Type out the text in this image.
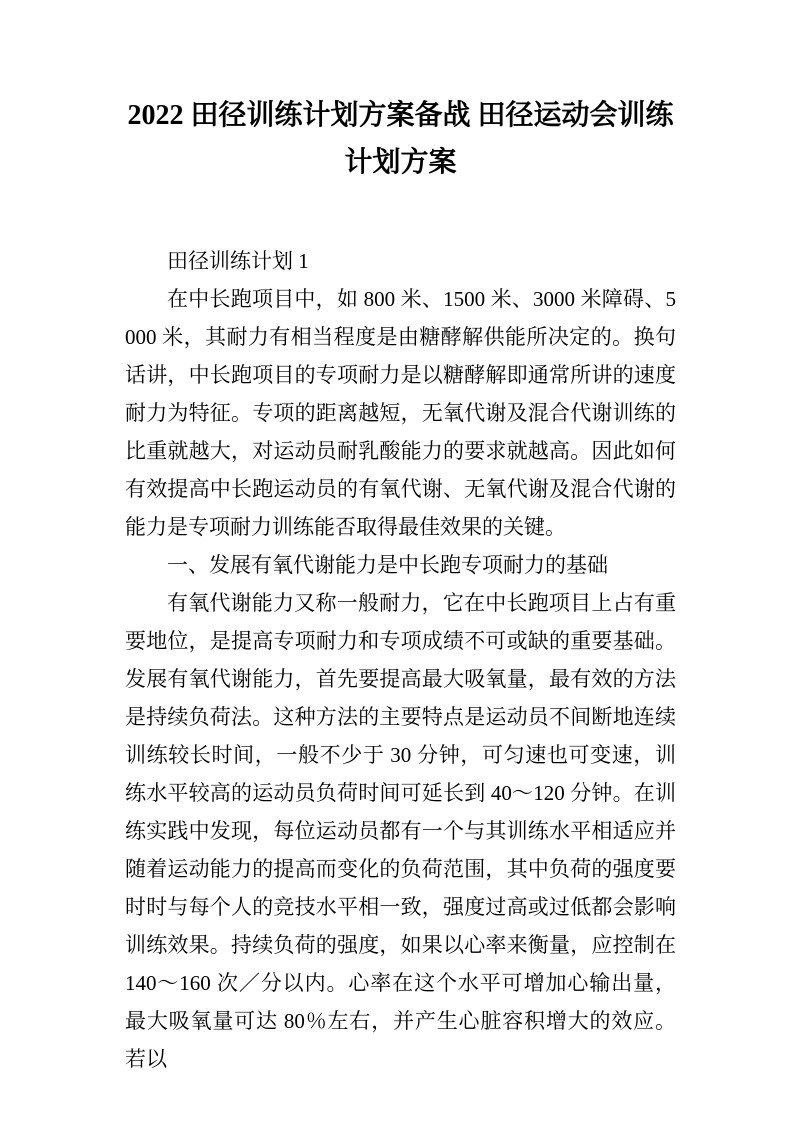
2022 田径训练计划方案备战 田径运动会训练计划方案

田径训练计划 1

在中长跑项目中，如 800 米、1500 米、3000 米障碍、5000 米，其耐力有相当程度是由糖酵解供能所决定的。换句话讲，中长跑项目的专项耐力是以糖酵解即通常所讲的速度耐力为特征。专项的距离越短，无氧代谢及混合代谢训练的比重就越大，对运动员耐乳酸能力的要求就越高。因此如何有效提高中长跑运动员的有氧代谢、无氧代谢及混合代谢的能力是专项耐力训练能否取得最佳效果的关键。

一、发展有氧代谢能力是中长跑专项耐力的基础

有氧代谢能力又称一般耐力，它在中长跑项目上占有重要地位，是提高专项耐力和专项成绩不可或缺的重要基础。发展有氧代谢能力，首先要提高最大吸氧量，最有效的方法是持续负荷法。这种方法的主要特点是运动员不间断地连续训练较长时间，一般不少于 30 分钟，可匀速也可变速，训练水平较高的运动员负荷时间可延长到 40～120 分钟。在训练实践中发现，每位运动员都有一个与其训练水平相适应并随着运动能力的提高而变化的负荷范围，其中负荷的强度要时时与每个人的竞技水平相一致，强度过高或过低都会影响训练效果。持续负荷的强度，如果以心率来衡量，应控制在 140～160 次／分以内。心率在这个水平可增加心输出量，最大吸氧量可达 80％左右，并产生心脏容积增大的效应。若以
